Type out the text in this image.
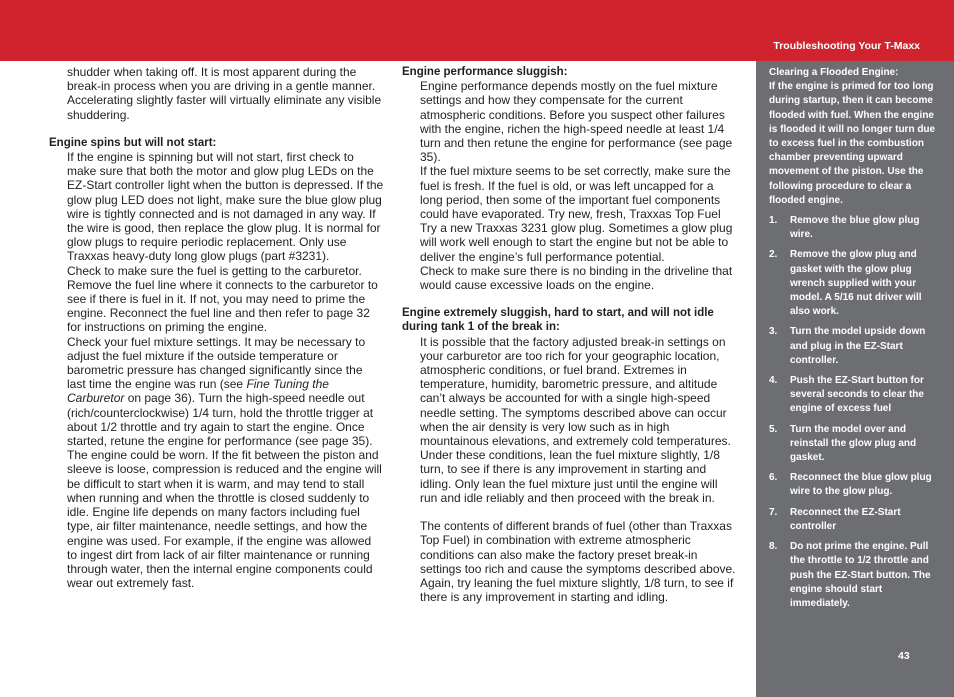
Troubleshooting Your T-Maxx

shudder when taking off. It is most apparent during the break-in process when you are driving in a gentle manner. Accelerating slightly faster will virtually eliminate any visible shuddering.

Engine spins but will not start:

If the engine is spinning but will not start, first check to make sure that both the motor and glow plug LEDs on the EZ-Start controller light when the button is depressed. If the glow plug LED does not light, make sure the blue glow plug wire is tightly connected and is not damaged in any way. If the wire is good, then replace the glow plug. It is normal for glow plugs to require periodic replacement. Only use Traxxas heavy-duty long glow plugs (part #3231).

Check to make sure the fuel is getting to the carburetor. Remove the fuel line where it connects to the carburetor to see if there is fuel in it. If not, you may need to prime the engine. Reconnect the fuel line and then refer to page 32 for instructions on priming the engine.

Check your fuel mixture settings. It may be necessary to adjust the fuel mixture if the outside temperature or barometric pressure has changed significantly since the last time the engine was run (see Fine Tuning the Carburetor on page 36). Turn the high-speed needle out (rich/counterclockwise) 1/4 turn, hold the throttle trigger at about 1/2 throttle and try again to start the engine. Once started, retune the engine for performance (see page 35).

The engine could be worn. If the fit between the piston and sleeve is loose, compression is reduced and the engine will be difficult to start when it is warm, and may tend to stall when running and when the throttle is closed suddenly to idle. Engine life depends on many factors including fuel type, air filter maintenance, needle settings, and how the engine was used. For example, if the engine was allowed to ingest dirt from lack of air filter maintenance or running through water, then the internal engine components could wear out extremely fast.

Engine performance sluggish:

Engine performance depends mostly on the fuel mixture settings and how they compensate for the current atmospheric conditions. Before you suspect other failures with the engine, richen the high-speed needle at least 1/4 turn and then retune the engine for performance (see page 35).

If the fuel mixture seems to be set correctly, make sure the fuel is fresh. If the fuel is old, or was left uncapped for a long period, then some of the important fuel components could have evaporated. Try new, fresh, Traxxas Top Fuel

Try a new Traxxas 3231 glow plug. Sometimes a glow plug will work well enough to start the engine but not be able to deliver the engine’s full performance potential.

Check to make sure there is no binding in the driveline that would cause excessive loads on the engine.

Engine extremely sluggish, hard to start, and will not idle during tank 1 of the break in:

It is possible that the factory adjusted break-in settings on your carburetor are too rich for your geographic location, atmospheric conditions, or fuel brand. Extremes in temperature, humidity, barometric pressure, and altitude can’t always be accounted for with a single high-speed needle setting. The symptoms described above can occur when the air density is very low such as in high mountainous elevations, and extremely cold temperatures. Under these conditions, lean the fuel mixture slightly, 1/8 turn, to see if there is any improvement in starting and idling. Only lean the fuel mixture just until the engine will run and idle reliably and then proceed with the break in.

The contents of different brands of fuel (other than Traxxas Top Fuel) in combination with extreme atmospheric conditions can also make the factory preset break-in settings too rich and cause the symptoms described above. Again, try leaning the fuel mixture slightly, 1/8 turn, to see if there is any improvement in starting and idling.

Clearing a Flooded Engine:

If the engine is primed for too long during startup, then it can become flooded with fuel. When the engine is flooded it will no longer turn due to excess fuel in the combustion chamber preventing upward movement of the piston. Use the following procedure to clear a flooded engine.

1.	Remove the blue glow plug wire.
2.	Remove the glow plug and gasket with the glow plug wrench supplied with your model. A 5/16 nut driver will also work.
3.	Turn the model upside down and plug in the EZ-Start controller.
4.	Push the EZ-Start button for several seconds to clear the engine of excess fuel
5.	Turn the model over and reinstall the glow plug and gasket.
6.	Reconnect the blue glow plug wire to the glow plug.
7.	Reconnect the EZ-Start controller
8.	Do not prime the engine. Pull the throttle to 1/2 throttle and push the EZ-Start button. The engine should start immediately.
43
